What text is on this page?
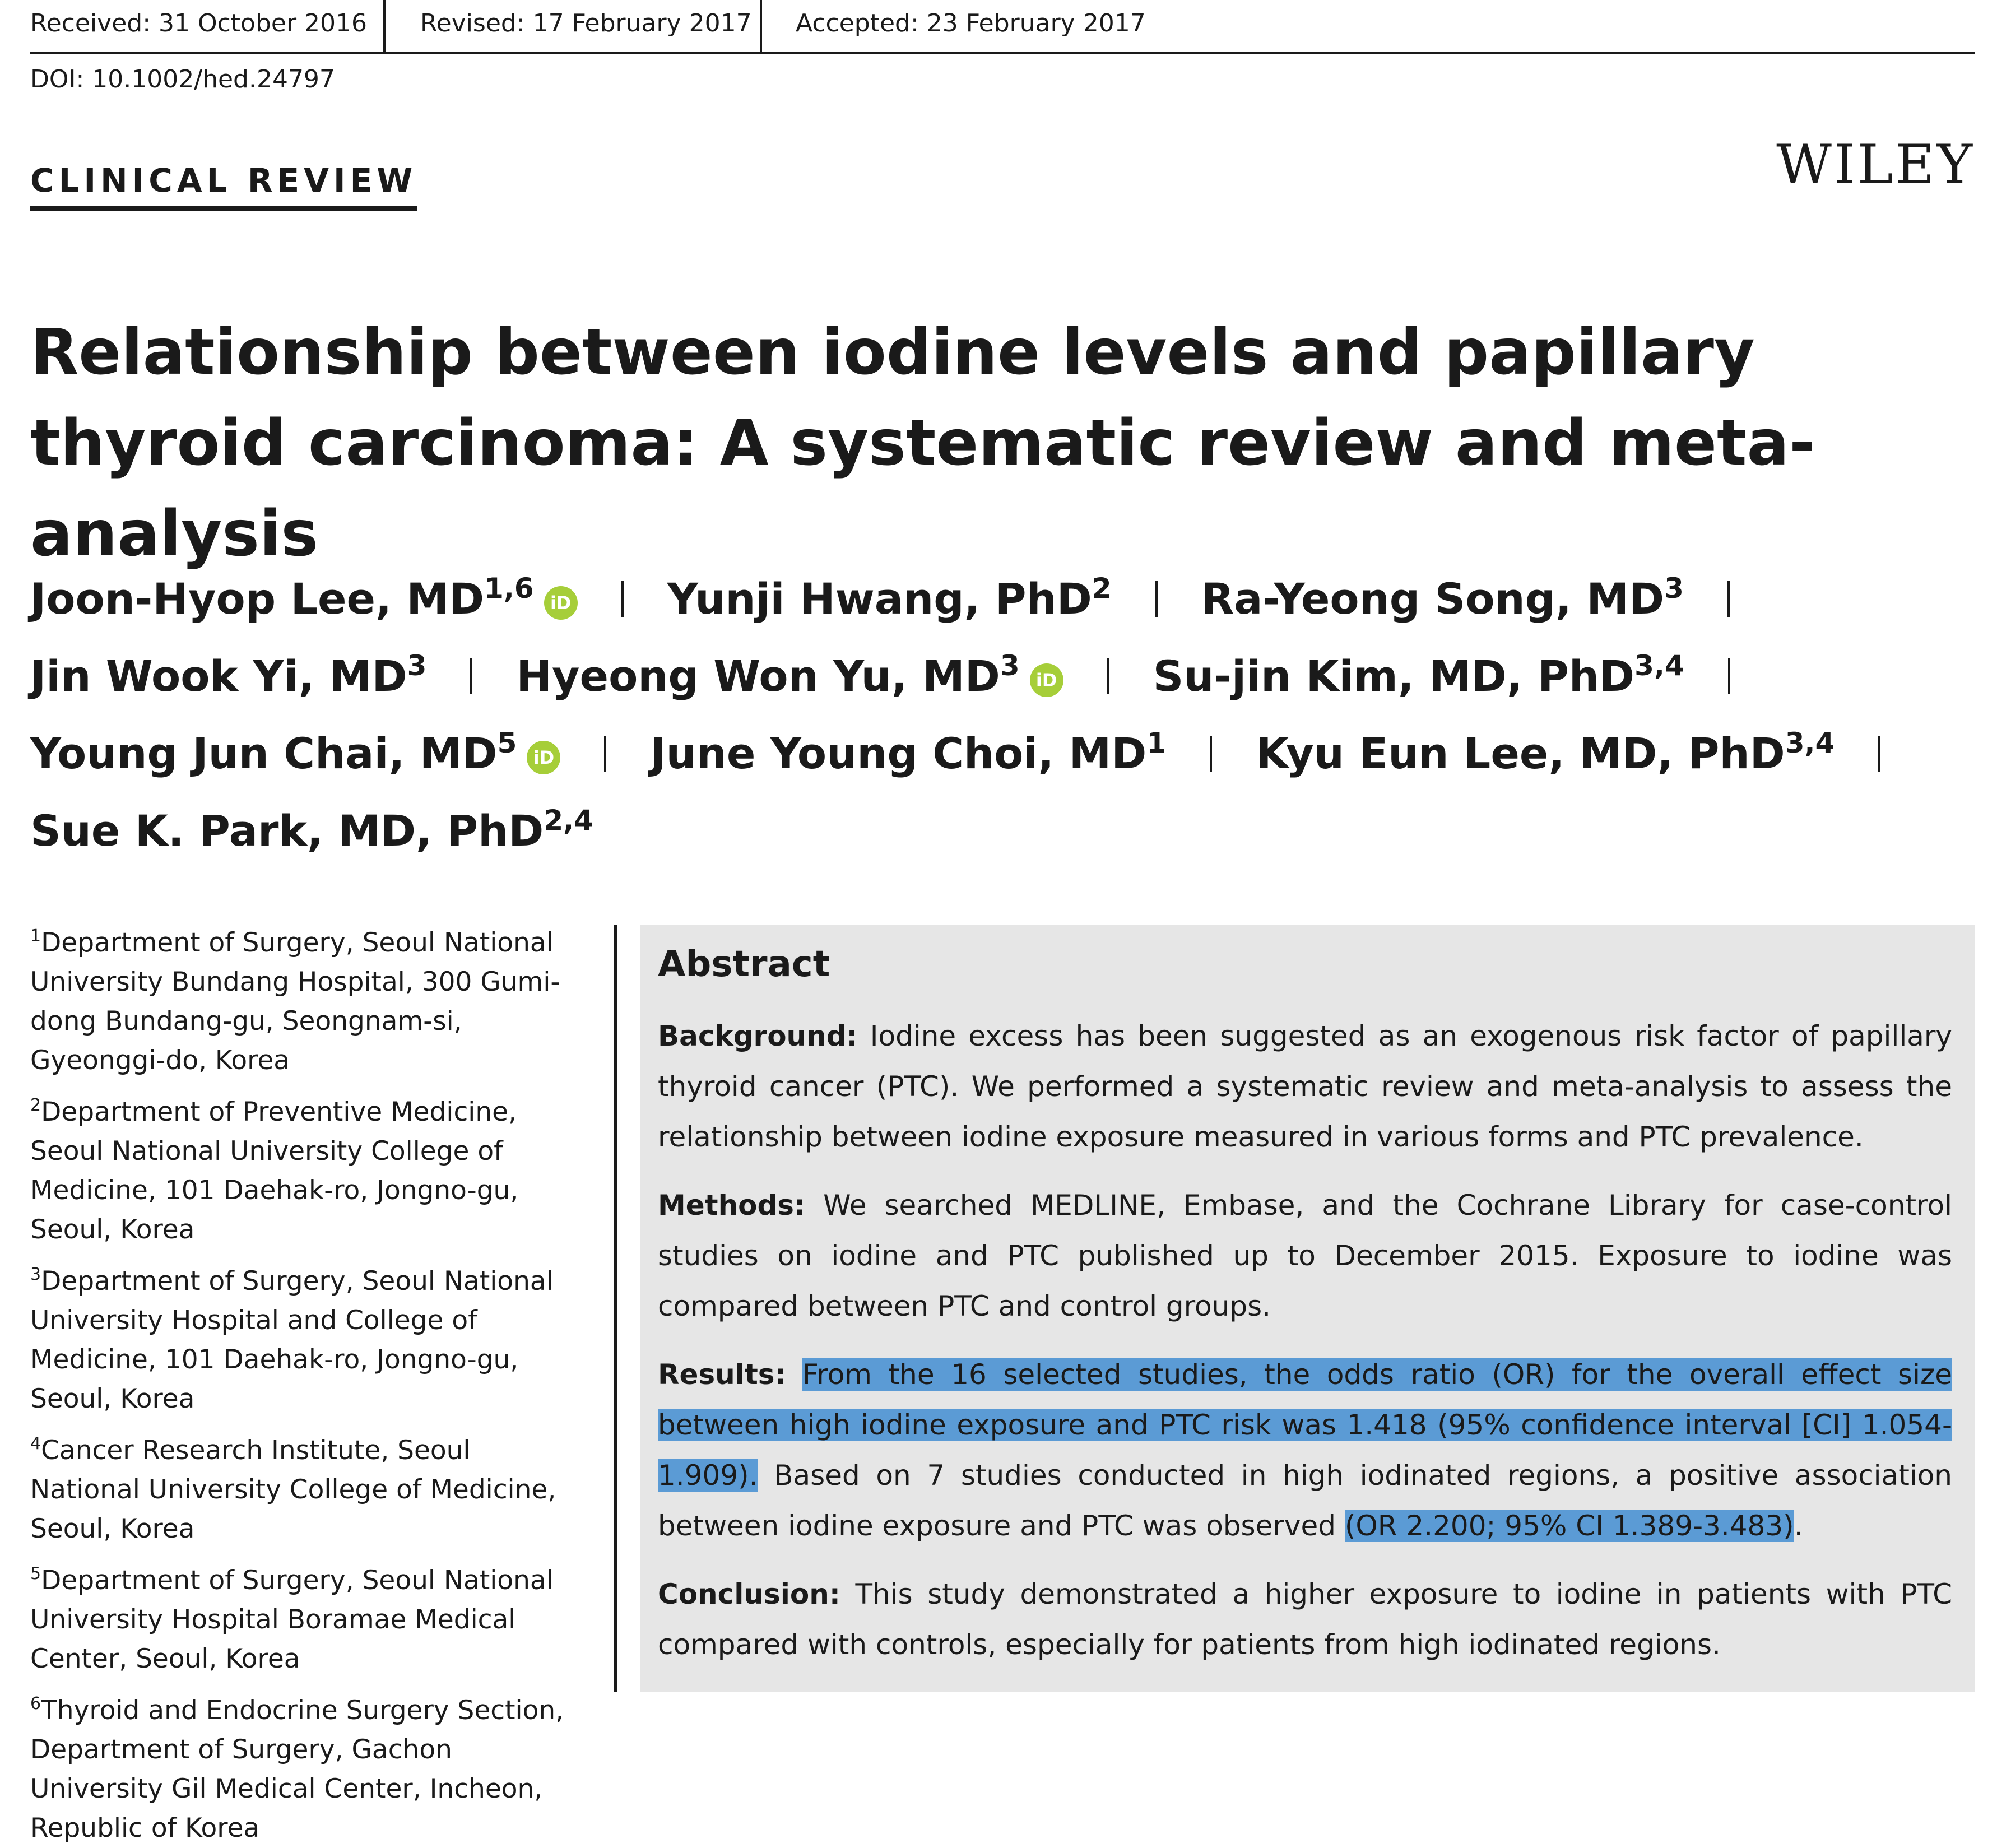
Received: 31 October 2016 Revised: 17 February 2017 Accepted: 23 February 2017
DOI: 10.1002/hed.24797
CLINICAL REVIEW	WILEY
Relationship between iodine levels and papillary thyroid carcinoma: A systematic review and meta-analysis
Joon-Hyop Lee, MD$^{1,6}$ iD Yunji Hwang, PhD$^2$ Ra-Yeong Song, $MD^3$
Jin Wook Yi, $MD^3$ Hyeong Won Yu, $MD^3$ iD Su-jin Kim, MD, PhD$^{3,4}$
Young Jun Chai, $MD^5$ iD June Young Choi, $MD^1$ Kyu Eun Lee, MD, PhD$^{3,4}$
Sue K. Park, MD, PhD$^{2,4}$
$^1$Department of Surgery, Seoul National University Bundang Hospital, 300 Gumi-dong Bundang-gu, Seongnam-si, Gyeonggi-do, Korea
$^2$Department of Preventive Medicine, Seoul National University College of Medicine, 101 Daehak-ro, Jongno-gu, Seoul, Korea
$^3$Department of Surgery, Seoul National University Hospital and College of Medicine, 101 Daehak-ro, Jongno-gu, Seoul, Korea
$^4$Cancer Research Institute, Seoul National University College of Medicine, Seoul, Korea
$^5$Department of Surgery, Seoul National University Hospital Boramae Medical Center, Seoul, Korea
$^6$Thyroid and Endocrine Surgery Section, Department of Surgery, Gachon University Gil Medical Center, Incheon, Republic of Korea
Abstract

Background: Iodine excess has been suggested as an exogenous risk factor of papillary thyroid cancer (PTC). We performed a systematic review and meta-analysis to assess the relationship between iodine exposure measured in various forms and PTC prevalence.

Methods: We searched MEDLINE, Embase, and the Cochrane Library for case-control studies on iodine and PTC published up to December 2015. Exposure to iodine was compared between PTC and control groups.

Results: From the 16 selected studies, the odds ratio (OR) for the overall effect size between high iodine exposure and PTC risk was 1.418 (95% confidence interval [CI] 1.054-1.909). Based on 7 studies conducted in high iodinated regions, a positive association between iodine exposure and PTC was observed (OR 2.200; 95% CI 1.389-3.483).

Conclusion: This study demonstrated a higher exposure to iodine in patients with PTC compared with controls, especially for patients from high iodinated regions.
